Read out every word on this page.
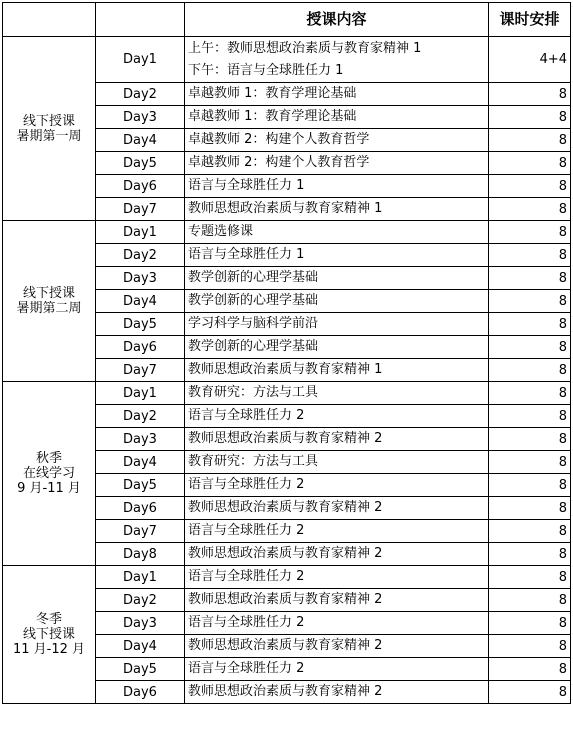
		授课内容	课时安排

线下授课
暑期第一周	Day1	上午：教师思想政治素质与教育家精神 1
下午：语言与全球胜任力 1	4+4
	Day2	卓越教师 1：教育学理论基础	8
	Day3	卓越教师 1：教育学理论基础	8
	Day4	卓越教师 2：构建个人教育哲学	8
	Day5	卓越教师 2：构建个人教育哲学	8
	Day6	语言与全球胜任力 1	8
	Day7	教师思想政治素质与教育家精神 1	8

线下授课
暑期第二周	Day1	专题选修课	8
	Day2	语言与全球胜任力 1	8
	Day3	教学创新的心理学基础	8
	Day4	教学创新的心理学基础	8
	Day5	学习科学与脑科学前沿	8
	Day6	教学创新的心理学基础	8
	Day7	教师思想政治素质与教育家精神 1	8

秋季
在线学习
9 月-11 月	Day1	教育研究：方法与工具	8
	Day2	语言与全球胜任力 2	8
	Day3	教师思想政治素质与教育家精神 2	8
	Day4	教育研究：方法与工具	8
	Day5	语言与全球胜任力 2	8
	Day6	教师思想政治素质与教育家精神 2	8
	Day7	语言与全球胜任力 2	8
	Day8	教师思想政治素质与教育家精神 2	8

冬季
线下授课
11 月-12 月	Day1	语言与全球胜任力 2	8
	Day2	教师思想政治素质与教育家精神 2	8
	Day3	语言与全球胜任力 2	8
	Day4	教师思想政治素质与教育家精神 2	8
	Day5	语言与全球胜任力 2	8
	Day6	教师思想政治素质与教育家精神 2	8
